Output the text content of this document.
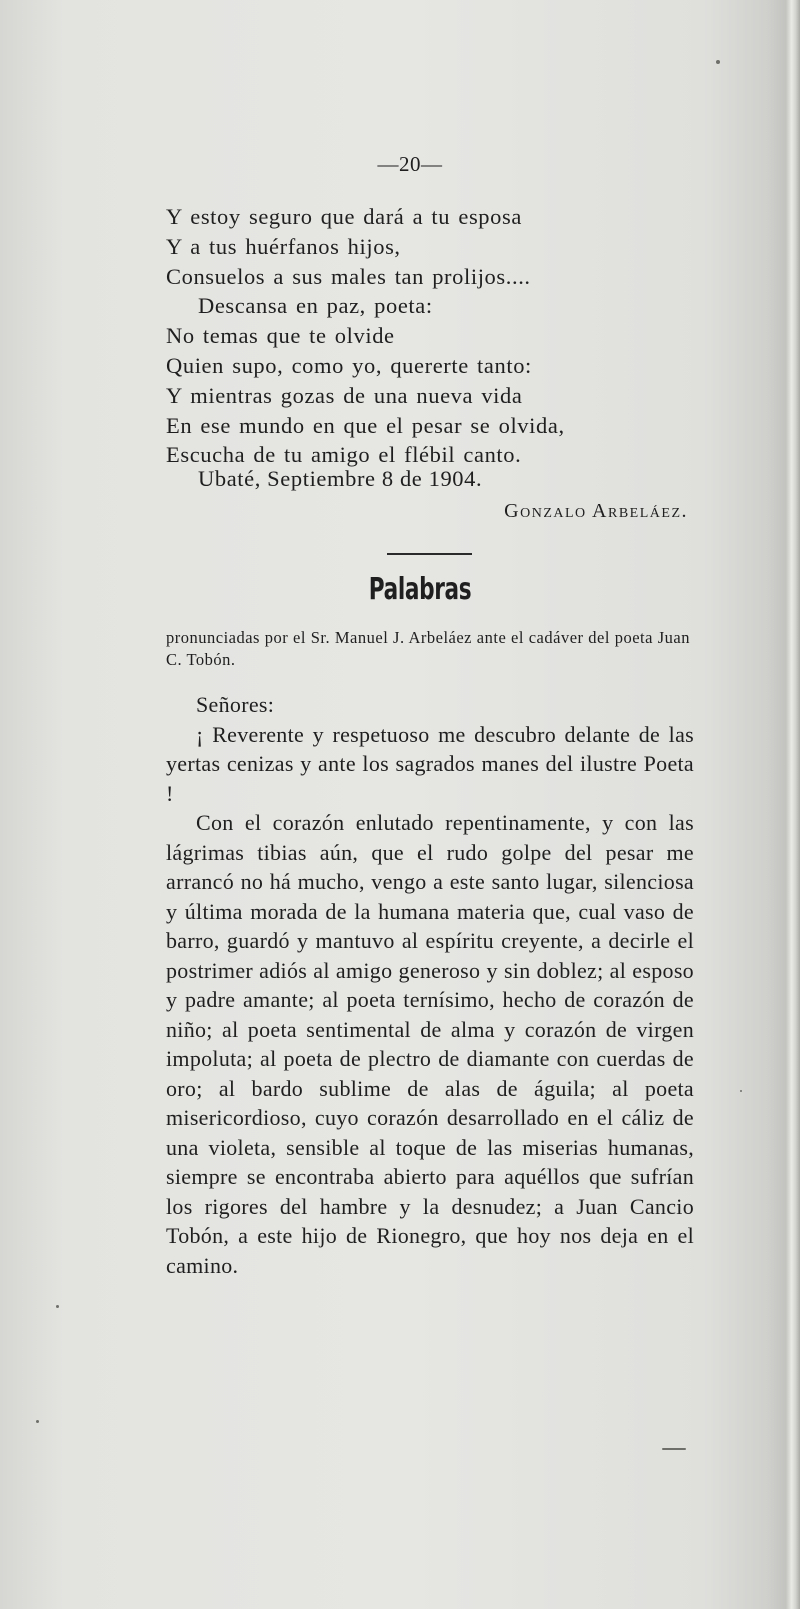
—20—
Y estoy seguro que dará a tu esposa
Y a tus huérfanos hijos,
Consuelos a sus males tan prolijos....
Descansa en paz, poeta:
No temas que te olvide
Quien supo, como yo, quererte tanto:
Y mientras gozas de una nueva vida
En ese mundo en que el pesar se olvida,
Escucha de tu amigo el flébil canto.
Ubaté, Septiembre 8 de 1904.
Gonzalo Arbeláez.
Palabras
pronunciadas por el Sr. Manuel J. Arbeláez ante el cadáver del poeta Juan C. Tobón.
Señores:

¡ Reverente y respetuoso me descubro delante de las yertas cenizas y ante los sagrados manes del ilustre Poeta !

Con el corazón enlutado repentinamente, y con las lágrimas tibias aún, que el rudo golpe del pesar me arrancó no há mucho, vengo a este santo lugar, silenciosa y última morada de la humana materia que, cual vaso de barro, guardó y mantuvo al espíritu creyente, a decirle el postrimer adiós al amigo generoso y sin doblez; al esposo y padre amante; al poeta ternísimo, hecho de corazón de niño; al poeta sentimental de alma y corazón de virgen impoluta; al poeta de plectro de diamante con cuerdas de oro; al bardo sublime de alas de águila; al poeta misericordioso, cuyo corazón desarrollado en el cáliz de una violeta, sensible al toque de las miserias humanas, siempre se encontraba abierto para aquéllos que sufrían los rigores del hambre y la desnudez; a Juan Cancio Tobón, a este hijo de Rionegro, que hoy nos deja en el camino.
